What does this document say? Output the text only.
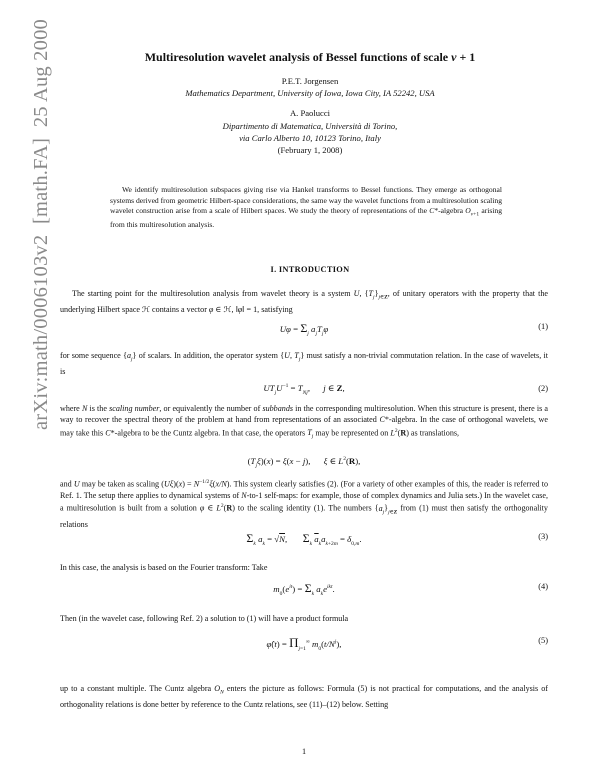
arXiv:math/0006103v2  [math.FA]  25 Aug 2000	Multiresolution wavelet analysis of Bessel functions of scale ν + 1
P.E.T. Jorgensen
Mathematics Department, University of Iowa, Iowa City, IA 52242, USA
A. Paolucci
Dipartimento di Matematica, Università di Torino,
via Carlo Alberto 10, 10123 Torino, Italy
(February 1, 2008)
We identify multiresolution subspaces giving rise via Hankel transforms to Bessel functions. They emerge as orthogonal systems derived from geometric Hilbert-space considerations, the same way the wavelet functions from a multiresolution scaling wavelet construction arise from a scale of Hilbert spaces. We study the theory of representations of the C*-algebra $O_{\nu+1}$ arising from this multiresolution analysis.
I. INTRODUCTION
The starting point for the multiresolution analysis from wavelet theory is a system U, $\{T_j\}_{j\in Z}$, of unitary operators with the property that the underlying Hilbert space ℋ contains a vector φ ∈ ℋ, ‖φ‖ = 1, satisfying
$U\varphi = \Sigma_j$ $a_jT_j\varphi$	(1)
for some sequence $\{a_j\}$ of scalars. In addition, the operator system {U, $T_j$} must satisfy a non-trivial commutation relation. In the case of wavelets, it is
$UT_jU^{-1} = T_{Nj}$,      j ∈ Z,	(2)
where N is the scaling number, or equivalently the number of subbands in the corresponding multiresolution. When this structure is present, there is a way to recover the spectral theory of the problem at hand from representations of an associated C*-algebra. In the case of orthogonal wavelets, we may take this C*-algebra to be the Cuntz algebra. In that case, the operators $T_j$ may be represented on $L^2(R)$ as translations,
$(T_j\xi)(x) = \xi(x - j)$,      ξ ∈ $L^2(R)$,
and U may be taken as scaling $(U\xi)(x) = N^{-1/2}\xi(x/N)$. This system clearly satisfies (2). (For a variety of other examples of this, the reader is referred to Ref. 1. The setup there applies to dynamical systems of N-to-1 self-maps: for example, those of complex dynamics and Julia sets.) In the wavelet case, a multiresolution is built from a solution φ ∈ $L^2(R)$ to the scaling identity (1). The numbers $\{a_j\}_{j\in Z}$ from (1) must then satisfy the orthogonality relations
$\Sigma_k$ $a_k = √N$,       $\Sigma_k$ $\overline{a}_ka_{k+2m} = \delta_{0,m}$.	(3)
In this case, the analysis is based on the Fourier transform: Take
$m_0(e^{it}) = \Sigma_k$ $a_ke^{ikt}$.	(4)
Then (in the wavelet case, following Ref. 2) a solution to (1) will have a product formula
φ̂(t) = $\Pi_{j=1}^\infty$ $m_0(t/N^j)$,	(5)
up to a constant multiple. The Cuntz algebra $O_N$ enters the picture as follows: Formula (5) is not practical for computations, and the analysis of orthogonality relations is done better by reference to the Cuntz relations, see (11)–(12) below. Setting
1
